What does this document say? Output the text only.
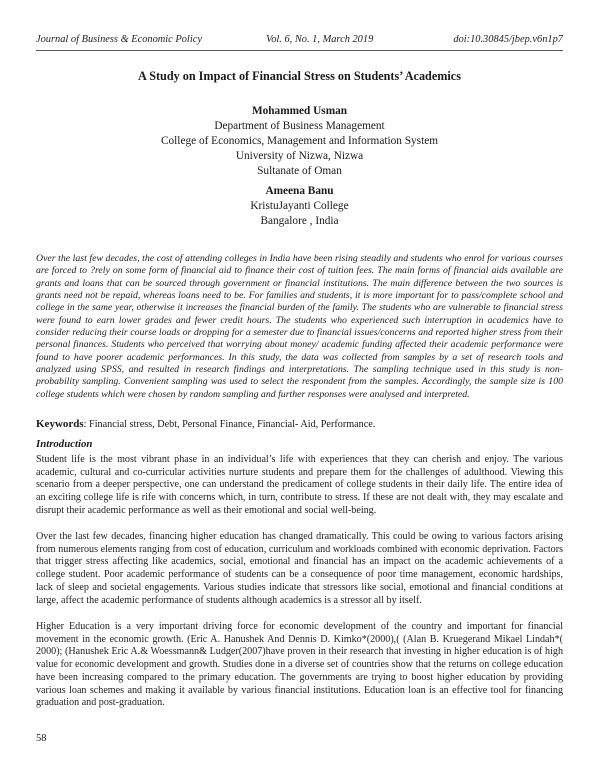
Journal of Business & Economic Policy	Vol. 6, No. 1, March 2019	doi:10.30845/jbep.v6n1p7
A Study on Impact of Financial Stress on Students’ Academics
Mohammed Usman
Department of Business Management
College of Economics, Management and Information System
University of Nizwa, Nizwa
Sultanate of Oman
Ameena Banu
KristuJayanti College
Bangalore , India
Over the last few decades, the cost of attending colleges in India have been rising steadily and students who enrol for various courses are forced to ?rely on some form of financial aid to finance their cost of tuition fees. The main forms of financial aids available are grants and loans that can be sourced through government or financial institutions. The main difference between the two sources is grants need not be repaid, whereas loans need to be. For families and students, it is more important for to pass/complete school and college in the same year, otherwise it increases the financial burden of the family. The students who are vulnerable to financial stress were found to earn lower grades and fewer credit hours. The students who experienced such interruption in academics have to consider reducing their course loads or dropping for a semester due to financial issues/concerns and reported higher stress from their personal finances. Students who perceived that worrying about money/ academic funding affected their academic performance were found to have poorer academic performances. In this study, the data was collected from samples by a set of research tools and analyzed using SPSS, and resulted in research findings and interpretations. The sampling technique used in this study is non-probability sampling. Convenient sampling was used to select the respondent from the samples. Accordingly, the sample size is 100 college students which were chosen by random sampling and further responses were analysed and interpreted.
Keywords: Financial stress, Debt, Personal Finance, Financial- Aid, Performance.
Introduction
Student life is the most vibrant phase in an individual’s life with experiences that they can cherish and enjoy. The various academic, cultural and co-curricular activities nurture students and prepare them for the challenges of adulthood. Viewing this scenario from a deeper perspective, one can understand the predicament of college students in their daily life. The entire idea of an exciting college life is rife with concerns which, in turn, contribute to stress. If these are not dealt with, they may escalate and disrupt their academic performance as well as their emotional and social well-being.
Over the last few decades, financing higher education has changed dramatically. This could be owing to various factors arising from numerous elements ranging from cost of education, curriculum and workloads combined with economic deprivation. Factors that trigger stress affecting like academics, social, emotional and financial has an impact on the academic achievements of a college student. Poor academic performance of students can be a consequence of poor time management, economic hardships, lack of sleep and societal engagements. Various studies indicate that stressors like social, emotional and financial conditions at large, affect the academic performance of students although academics is a stressor all by itself.
Higher Education is a very important driving force for economic development of the country and important for financial movement in the economic growth. (Eric A. Hanushek And Dennis D. Kimko*(2000),( (Alan B. Kruegerand Mikael Lindah*( 2000); (Hanushek Eric A.& Woessmann& Ludger(2007)have proven in their research that investing in higher education is of high value for economic development and growth. Studies done in a diverse set of countries show that the returns on college education have been increasing compared to the primary education. The governments are trying to boost higher education by providing various loan schemes and making it available by various financial institutions. Education loan is an effective tool for financing graduation and post-graduation.
58
